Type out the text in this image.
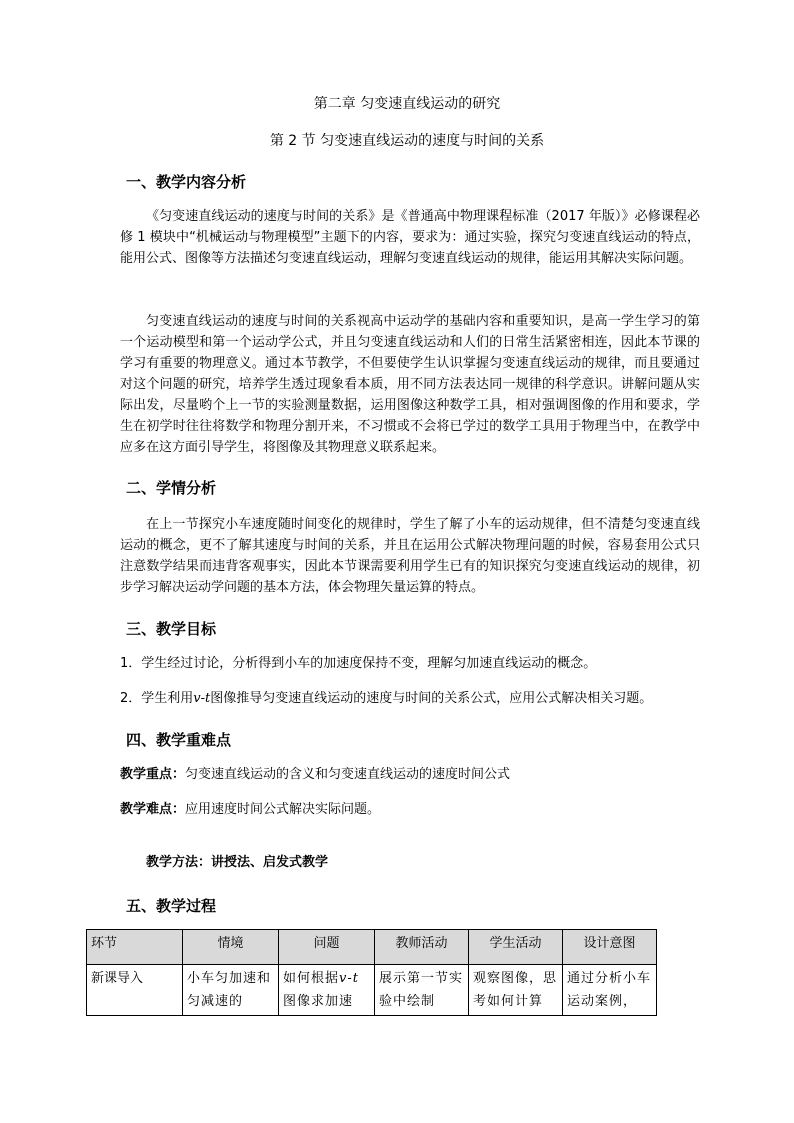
第二章 匀变速直线运动的研究
第 2 节 匀变速直线运动的速度与时间的关系
一、教学内容分析

《匀变速直线运动的速度与时间的关系》是《普通高中物理课程标准（2017 年版）》必修课程必修 1 模块中“机械运动与物理模型”主题下的内容，要求为：通过实验，探究匀变速直线运动的特点，能用公式、图像等方法描述匀变速直线运动，理解匀变速直线运动的规律，能运用其解决实际问题。

匀变速直线运动的速度与时间的关系视高中运动学的基础内容和重要知识，是高一学生学习的第一个运动模型和第一个运动学公式，并且匀变速直线运动和人们的日常生活紧密相连，因此本节课的学习有重要的物理意义。通过本节教学，不但要使学生认识掌握匀变速直线运动的规律，而且要通过对这个问题的研究，培养学生透过现象看本质，用不同方法表达同一规律的科学意识。讲解问题从实际出发，尽量哟个上一节的实验测量数据，运用图像这种数学工具，相对强调图像的作用和要求，学生在初学时往往将数学和物理分割开来，不习惯或不会将已学过的数学工具用于物理当中，在教学中应多在这方面引导学生，将图像及其物理意义联系起来。

二、学情分析

在上一节探究小车速度随时间变化的规律时，学生了解了小车的运动规律，但不清楚匀变速直线运动的概念，更不了解其速度与时间的关系，并且在运用公式解决物理问题的时候，容易套用公式只注意数学结果而违背客观事实，因此本节课需要利用学生已有的知识探究匀变速直线运动的规律，初步学习解决运动学问题的基本方法，体会物理矢量运算的特点。

三、教学目标
1．学生经过讨论，分析得到小车的加速度保持不变，理解匀加速直线运动的概念。
2．学生利用v-t图像推导匀变速直线运动的速度与时间的关系公式，应用公式解决相关习题。
四、教学重难点
教学重点：匀变速直线运动的含义和匀变速直线运动的速度时间公式
教学难点：应用速度时间公式解决实际问题。
教学方法：讲授法、启发式教学
五、教学过程
环节	情境	问题	教师活动	学生活动	设计意图
新课导入	小车匀加速和匀减速的	如何根据v-t图像求加速	展示第一节实验中绘制	观察图像，思考如何计算	通过分析小车运动案例，
